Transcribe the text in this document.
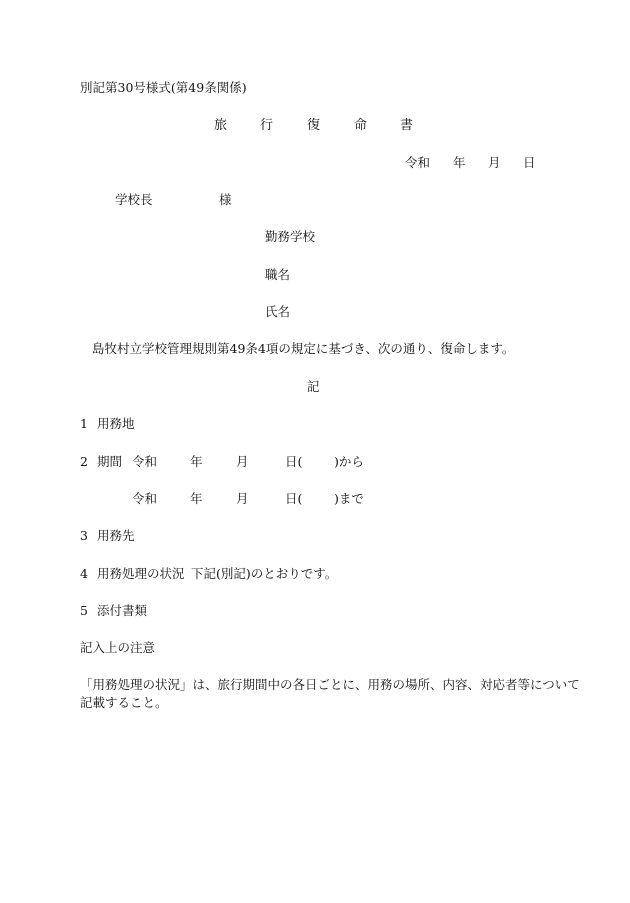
別記第30号様式(第49条関係)
旅	行	復	命	書
令和 年 月 日
学校長	様
勤務学校
職名
氏名
島牧村立学校管理規則第49条4項の規定に基づき、次の通り、復命します。
記
1 用務地
2 期間 令和	年	月	日(	)から
令和	年	月	日(	)まで
3 用務先
4 用務処理の状況 下記(別記)のとおりです。
5 添付書類
記入上の注意
「用務処理の状況」は、旅行期間中の各日ごとに、用務の場所、内容、対応者等について
記載すること。
